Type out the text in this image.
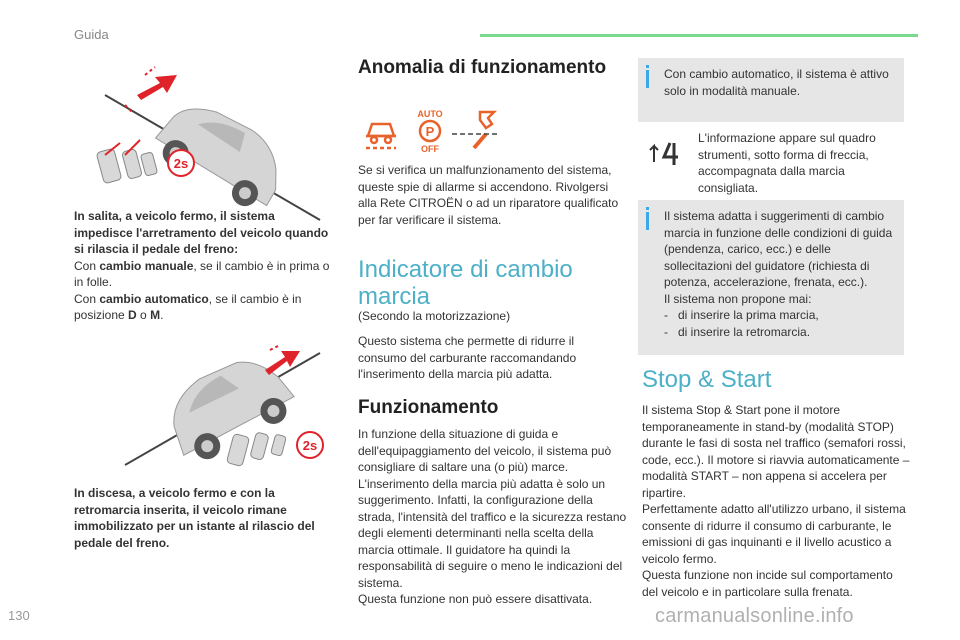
Guida
2s

In salita, a veicolo fermo, il sistema impedisce l'arretramento del veicolo quando si rilascia il pedale del freno:

Con cambio manuale, se il cambio è in prima o in folle.

Con cambio automatico, se il cambio è in posizione D o M.

2s
In discesa, a veicolo fermo e con la retromarcia inserita, il veicolo rimane immobilizzato per un istante al rilascio del pedale del freno.
Anomalia di funzionamento
AUTO
P
OFF
Se si verifica un malfunzionamento del sistema, queste spie di allarme si accendono. Rivolgersi alla Rete CITROËN o ad un riparatore qualificato per far verificare il sistema.
Indicatore di cambio marcia
(Secondo la motorizzazione)
Questo sistema che permette di ridurre il consumo del carburante raccomandando l'inserimento della marcia più adatta.
Funzionamento

In funzione della situazione di guida e dell'equipaggiamento del veicolo, il sistema può consigliare di saltare una (o più) marce.

L'inserimento della marcia più adatta è solo un suggerimento. Infatti, la configurazione della strada, l'intensità del traffico e la sicurezza restano degli elementi determinanti nella scelta della marcia ottimale. Il guidatore ha quindi la responsabilità di seguire o meno le indicazioni del sistema.

Questa funzione non può essere disattivata.

Con cambio automatico, il sistema è attivo solo in modalità manuale.
L'informazione appare sul quadro strumenti, sotto forma di freccia, accompagnata dalla marcia consigliata.

Il sistema adatta i suggerimenti di cambio marcia in funzione delle condizioni di guida (pendenza, carico, ecc.) e delle sollecitazioni del guidatore (richiesta di potenza, accelerazione, frenata, ecc.).

Il sistema non propone mai:

- di inserire la prima marcia,
- di inserire la retromarcia.
Stop & Start

Il sistema Stop & Start pone il motore temporaneamente in stand-by (modalità STOP) durante le fasi di sosta nel traffico (semafori rossi, code, ecc.). Il motore si riavvia automaticamente – modalità START – non appena si accelera per ripartire.

Perfettamente adatto all'utilizzo urbano, il sistema consente di ridurre il consumo di carburante, le emissioni di gas inquinanti e il livello acustico a veicolo fermo.

Questa funzione non incide sul comportamento del veicolo e in particolare sulla frenata.

130	carmanualsonline.info
